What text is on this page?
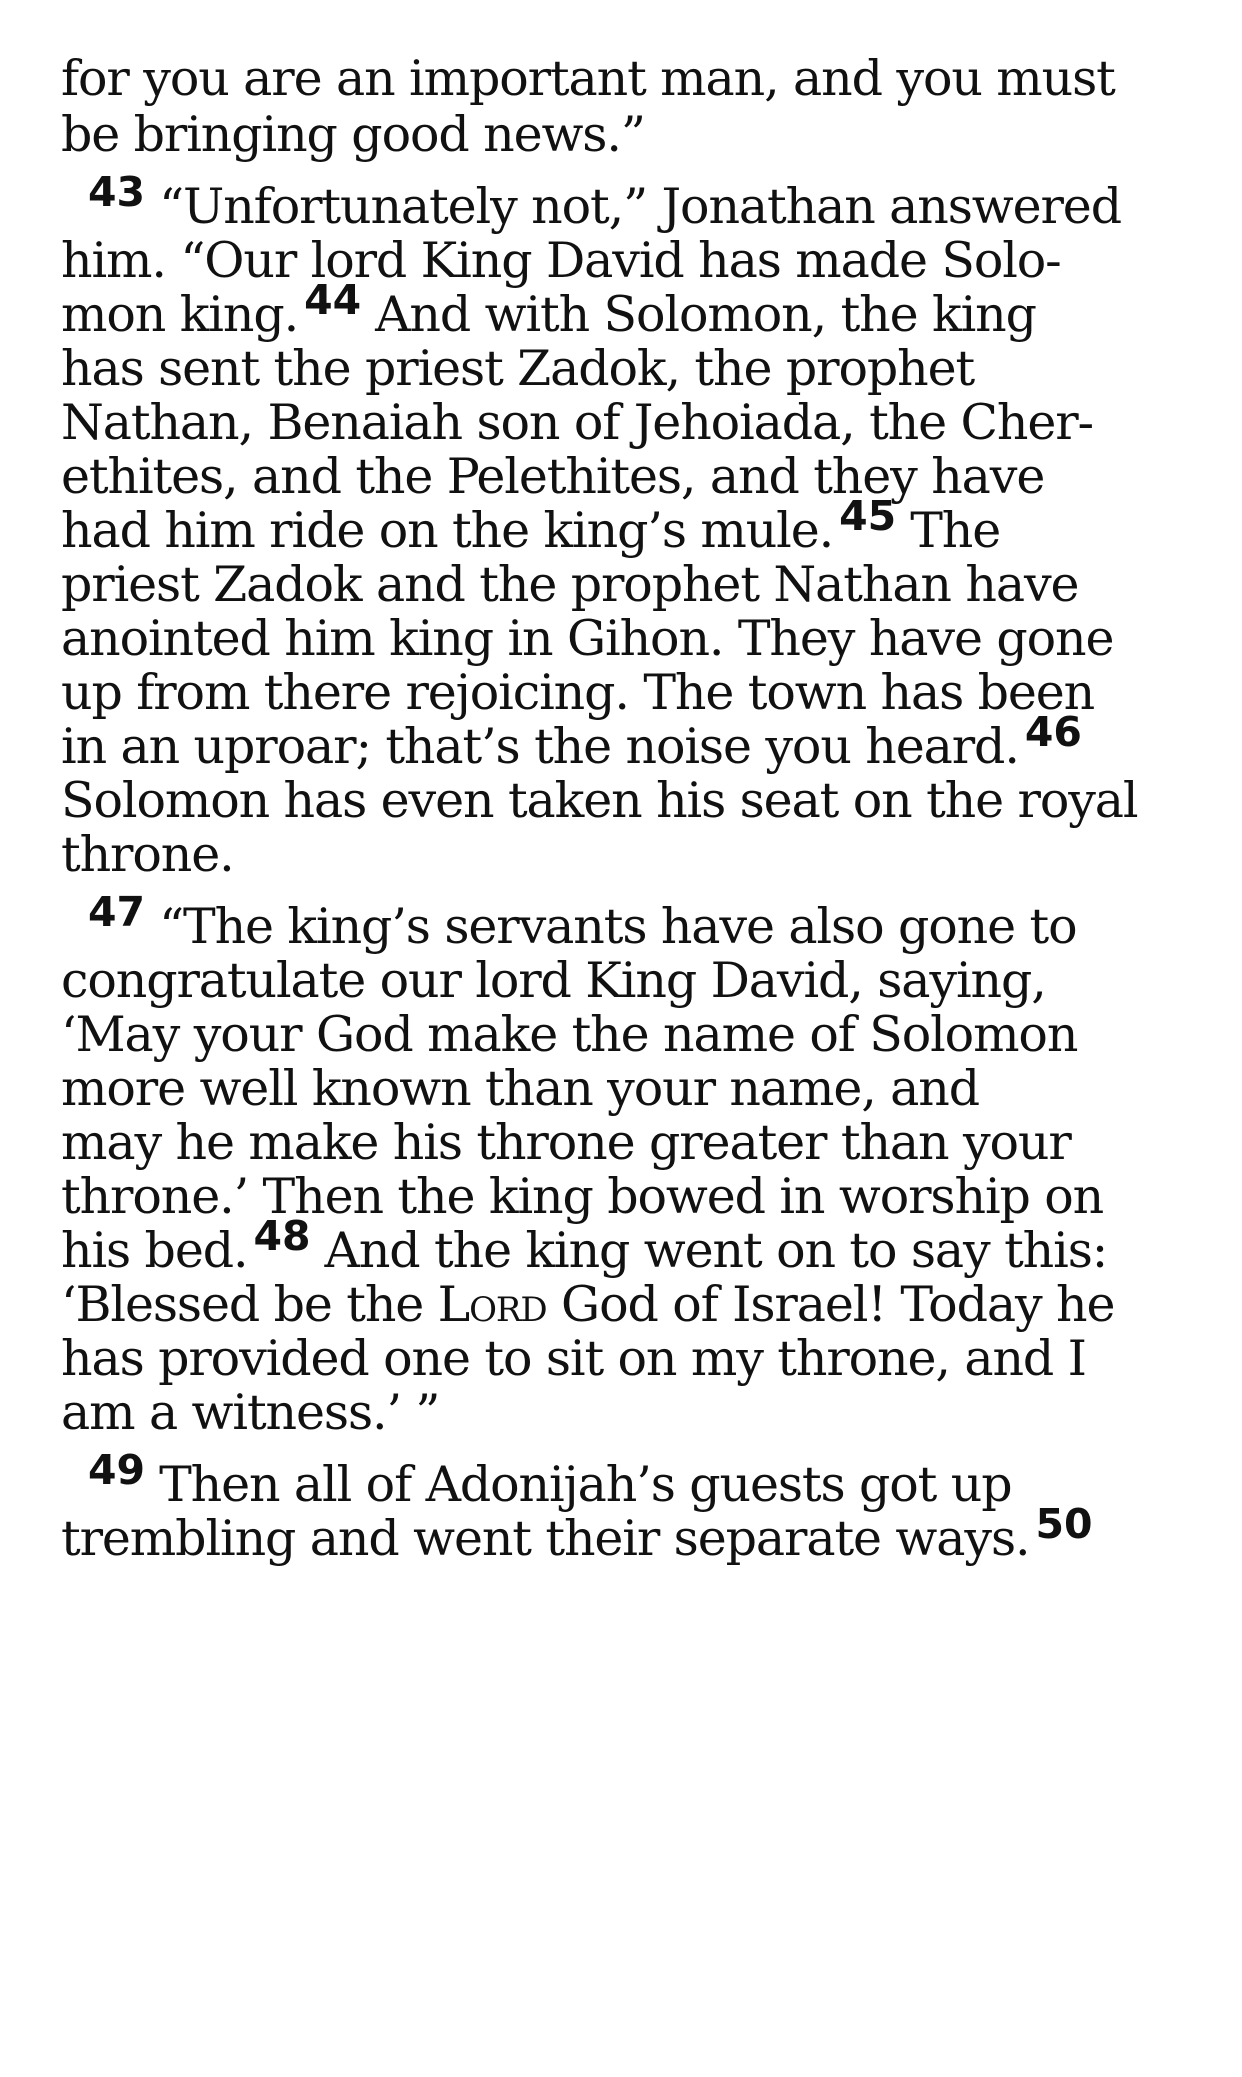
for you are an important man, and you must
be bringing good news.”
$^{43}$ “Unfortunately not,” Jonathan answered
him. “Our lord King David has made Solo-
mon king. $^{44}$ And with Solomon, the king
has sent the priest Zadok, the prophet
Nathan, Benaiah son of Jehoiada, the Cher-
ethites, and the Pelethites, and they have
had him ride on the king’s mule. $^{45}$ The
priest Zadok and the prophet Nathan have
anointed him king in Gihon. They have gone
up from there rejoicing. The town has been
in an uproar; that’s the noise you heard. $^{46}$
Solomon has even taken his seat on the royal
throne.
$^{47}$ “The king’s servants have also gone to
congratulate our lord King David, saying,
‘May your God make the name of Solomon
more well known than your name, and
may he make his throne greater than your
throne.’ Then the king bowed in worship on
his bed. $^{48}$ And the king went on to say this:
‘Blessed be the Lord God of Israel! Today he
has provided one to sit on my throne, and I
am a witness.’ ”
$^{49}$ Then all of Adonijah’s guests got up
trembling and went their separate ways. $^{50}$
